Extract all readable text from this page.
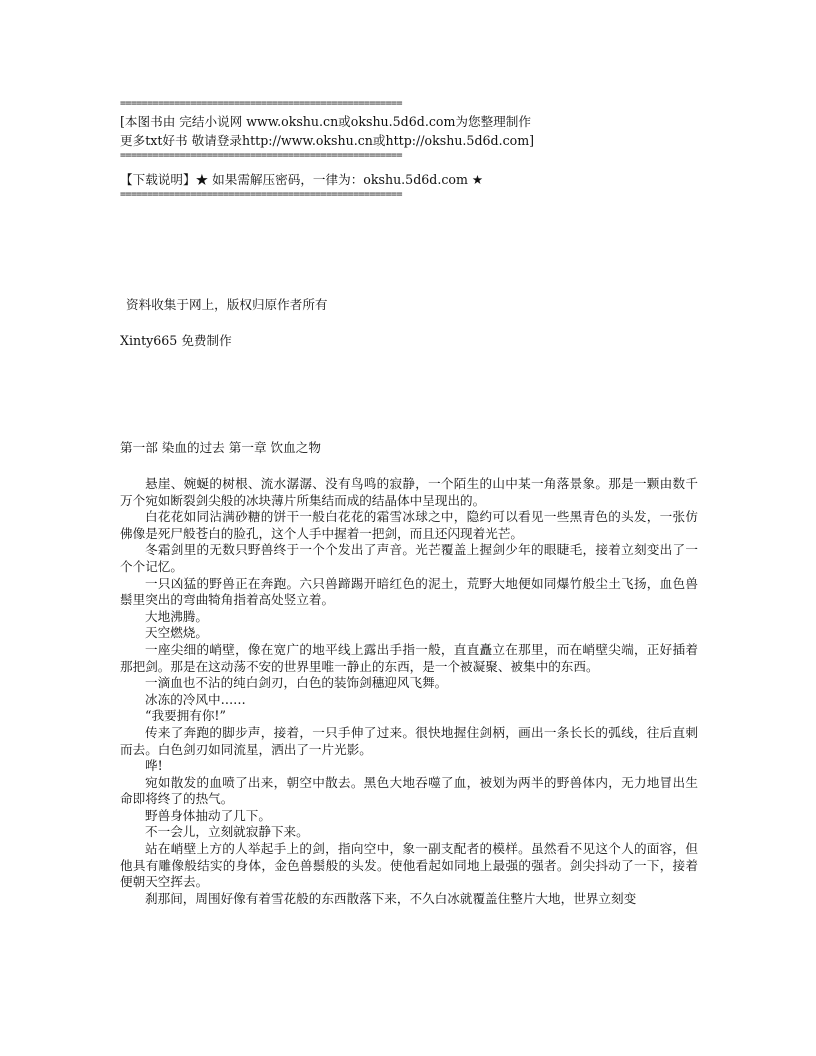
====================================================
[本图书由 完结小说网 www.okshu.cn或okshu.5d6d.com为您整理制作
更多txt好书 敬请登录http://www.okshu.cn或http://okshu.5d6d.com]
====================================================
【下载说明】★ 如果需解压密码，一律为：okshu.5d6d.com ★
====================================================
资料收集于网上，版权归原作者所有
Xinty665 免费制作
第一部 染血的过去 第一章 饮血之物

悬崖、婉蜒的树根、流水潺潺、没有鸟鸣的寂静，一个陌生的山中某一角落景象。那是一颗由数千万个宛如断裂剑尖般的冰块薄片所集结而成的结晶体中呈现出的。

白花花如同沾满砂糖的饼干一般白花花的霜雪冰球之中，隐约可以看见一些黑青色的头发，一张仿佛像是死尸般苍白的脸孔，这个人手中握着一把剑，而且还闪现着光芒。

冬霜剑里的无数只野兽终于一个个发出了声音。光芒覆盖上握剑少年的眼睫毛，接着立刻变出了一个个记忆。

一只凶猛的野兽正在奔跑。六只兽蹄踢开暗红色的泥土，荒野大地便如同爆竹般尘土飞扬，血色兽鬃里突出的弯曲犄角指着高处竖立着。

大地沸腾。

天空燃烧。

一座尖细的峭壁，像在宽广的地平线上露出手指一般，直直矗立在那里，而在峭壁尖端，正好插着那把剑。那是在这动荡不安的世界里唯一静止的东西，是一个被凝聚、被集中的东西。

一滴血也不沾的纯白剑刃，白色的装饰剑穗迎风飞舞。

冰冻的冷风中……

“我要拥有你!”

传来了奔跑的脚步声，接着，一只手伸了过来。很快地握住剑柄，画出一条长长的弧线，往后直刺而去。白色剑刃如同流星，洒出了一片光影。

哗!

宛如散发的血喷了出来，朝空中散去。黑色大地吞噬了血，被划为两半的野兽体内，无力地冒出生命即将终了的热气。

野兽身体抽动了几下。

不一会儿，立刻就寂静下来。

站在峭壁上方的人举起手上的剑，指向空中，象一副支配者的模样。虽然看不见这个人的面容，但他具有雕像般结实的身体，金色兽鬃般的头发。使他看起如同地上最强的强者。剑尖抖动了一下，接着便朝天空挥去。

刹那间，周围好像有着雪花般的东西散落下来，不久白冰就覆盖住整片大地，世界立刻变
